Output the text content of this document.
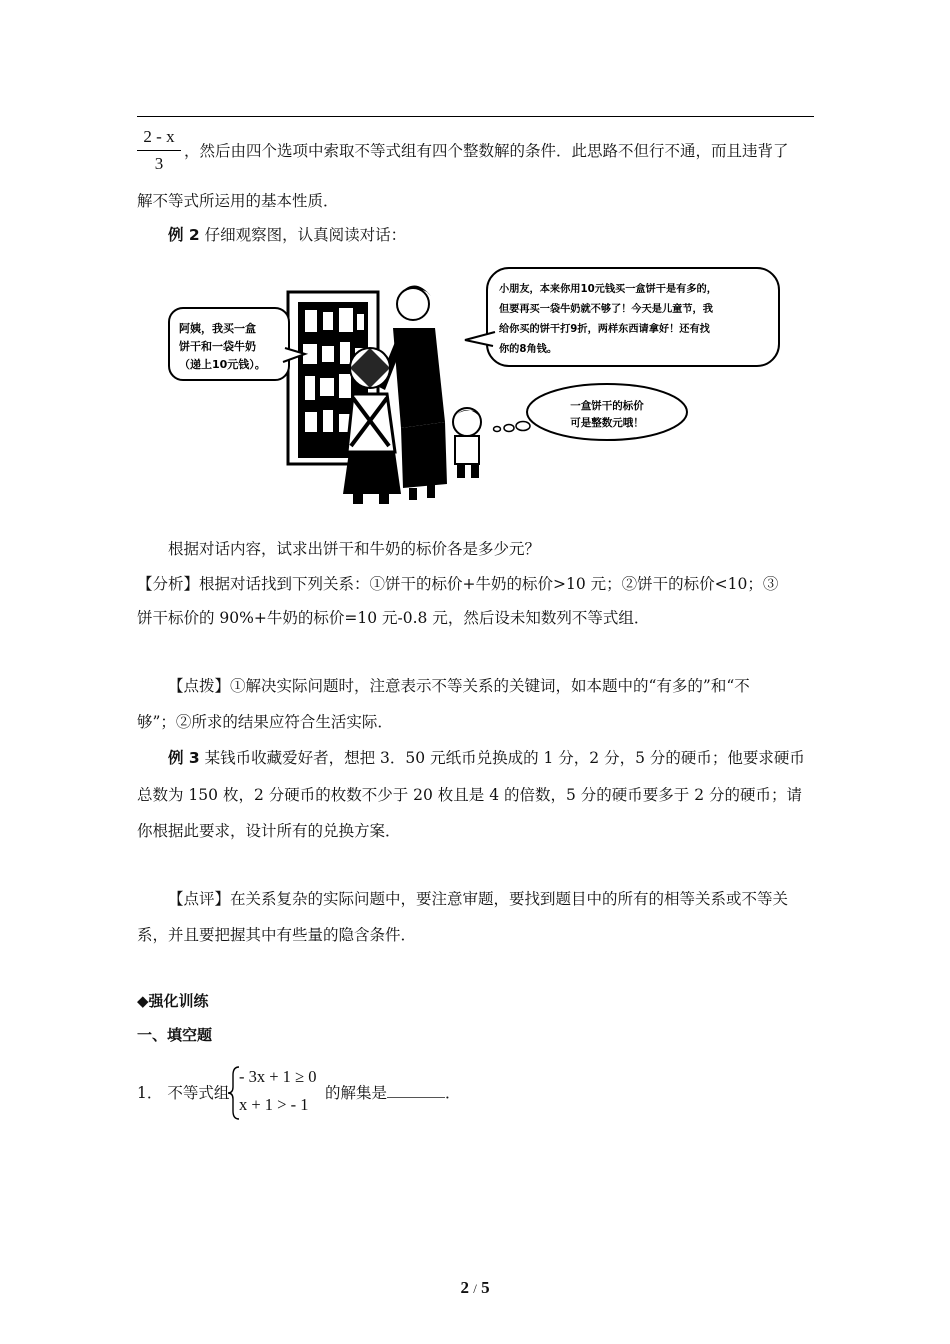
2 - x
3
，然后由四个选项中索取不等式组有四个整数解的条件．此思路不但行不通，而且违背了
解不等式所运用的基本性质．
例 2 仔细观察图，认真阅读对话：
阿姨，我买一盒
饼干和一袋牛奶
（递上10元钱）。
小朋友，本来你用10元钱买一盒饼干是有多的，
但要再买一袋牛奶就不够了！今天是儿童节，我
给你买的饼干打9折，两样东西请拿好！还有找
你的8角钱。
一盒饼干的标价
可是整数元哦！
根据对话内容，试求出饼干和牛奶的标价各是多少元？
【分析】根据对话找到下列关系：①饼干的标价+牛奶的标价>10 元；②饼干的标价<10；③
饼干标价的 90%+牛奶的标价=10 元-0.8 元，然后设未知数列不等式组．
【点拨】①解决实际问题时，注意表示不等关系的关键词，如本题中的“有多的”和“不
够”；②所求的结果应符合生活实际．
例 3 某钱币收藏爱好者，想把 3．50 元纸币兑换成的 1 分，2 分，5 分的硬币；他要求硬币
总数为 150 枚，2 分硬币的枚数不少于 20 枚且是 4 的倍数，5 分的硬币要多于 2 分的硬币；请
你根据此要求，设计所有的兑换方案．
【点评】在关系复杂的实际问题中，要注意审题，要找到题目中的所有的相等关系或不等关
系，并且要把握其中有些量的隐含条件．
◆强化训练
一、填空题
1． 不等式组
- 3x + 1 ≥ 0
x + 1 > - 1
的解集是	．
2 / 5
